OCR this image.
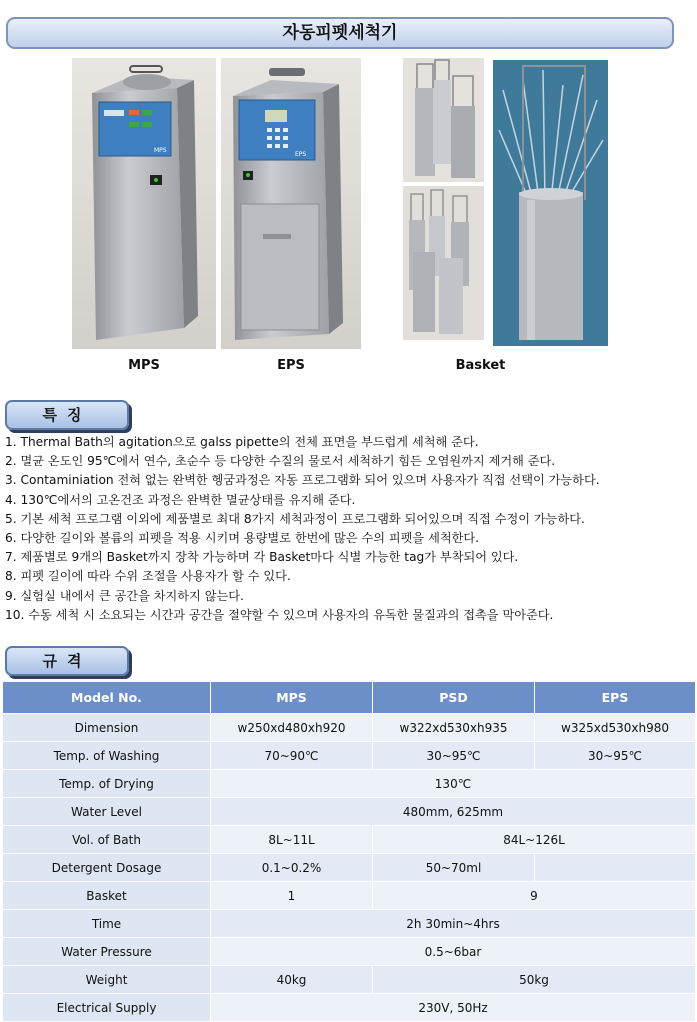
자동피펫세척기
MPS
EPS
MPS	EPS	Basket
특징
1. Thermal Bath의 agitation으로 galss pipette의 전체 표면을 부드럽게 세척해 준다.
2. 멸균 온도인 95℃에서 연수, 초순수 등 다양한 수질의 물로서 세척하기 힘든 오염원까지 제거해 준다.
3. Contaminiation 전혀 없는 완벽한 헹굼과정은 자동 프로그램화 되어 있으며 사용자가 직접 선택이 가능하다.
4. 130℃에서의 고온건조 과정은 완벽한 멸균상태를 유지해 준다.
5. 기본 세척 프로그램 이외에 제품별로 최대 8가지 세척과정이 프로그램화 되어있으며 직접 수정이 가능하다.
6. 다양한 길이와 볼륨의 피펫을 적용 시키며 용량별로 한번에 많은 수의 피펫을 세척한다.
7. 제품별로 9개의 Basket까지 장착 가능하며 각 Basket마다 식별 가능한 tag가 부착되어 있다.
8. 피펫 길이에 따라 수위 조절을 사용자가 할 수 있다.
9. 실험실 내에서 큰 공간을 차지하지 않는다.
10. 수동 세척 시 소요되는 시간과 공간을 절약할 수 있으며 사용자의 유독한 물질과의 접촉을 막아준다.
규격
Model No.	MPS	PSD	EPS
Dimension	w250xd480xh920	w322xd530xh935	w325xd530xh980
Temp. of Washing	70~90℃	30~95℃	30~95℃
Temp. of Drying	130℃		
Water Level	480mm, 625mm		
Vol. of Bath	8L~11L	84L~126L	
Detergent Dosage	0.1~0.2%	50~70ml	
Basket	1	9	
Time	2h 30min~4hrs		
Water Pressure	0.5~6bar		
Weight	40kg	50kg	
Electrical Supply	230V, 50Hz		
